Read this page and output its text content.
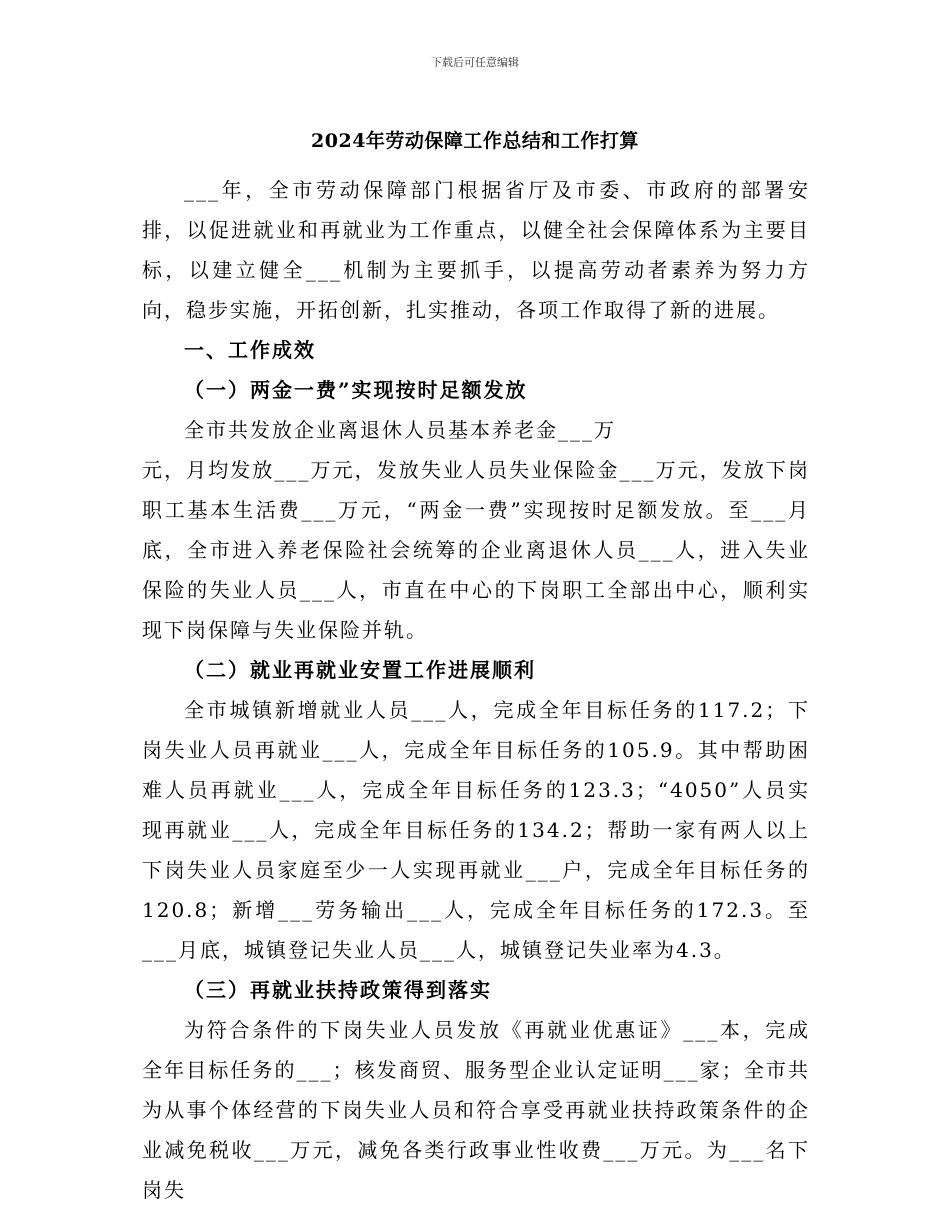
下载后可任意编辑
2024年劳动保障工作总结和工作打算

___年，全市劳动保障部门根据省厅及市委、市政府的部署安排，以促进就业和再就业为工作重点，以健全社会保障体系为主要目标，以建立健全___机制为主要抓手，以提高劳动者素养为努力方向，稳步实施，开拓创新，扎实推动，各项工作取得了新的进展。

一、工作成效

（一）两金一费”实现按时足额发放

全市共发放企业离退休人员基本养老金___万

元，月均发放___万元，发放失业人员失业保险金___万元，发放下岗职工基本生活费___万元，“两金一费”实现按时足额发放。至___月底，全市进入养老保险社会统筹的企业离退休人员___人，进入失业保险的失业人员___人，市直在中心的下岗职工全部出中心，顺利实现下岗保障与失业保险并轨。

（二）就业再就业安置工作进展顺利

全市城镇新增就业人员___人，完成全年目标任务的117.2；下岗失业人员再就业___人，完成全年目标任务的105.9。其中帮助困难人员再就业___人，完成全年目标任务的123.3；“4050”人员实现再就业___人，完成全年目标任务的134.2；帮助一家有两人以上下岗失业人员家庭至少一人实现再就业___户，完成全年目标任务的120.8；新增___劳务输出___人，完成全年目标任务的172.3。至___月底，城镇登记失业人员___人，城镇登记失业率为4.3。

（三）再就业扶持政策得到落实

为符合条件的下岗失业人员发放《再就业优惠证》___本，完成全年目标任务的___；核发商贸、服务型企业认定证明___家；全市共为从事个体经营的下岗失业人员和符合享受再就业扶持政策条件的企业减免税收___万元，减免各类行政事业性收费___万元。为___名下岗失
